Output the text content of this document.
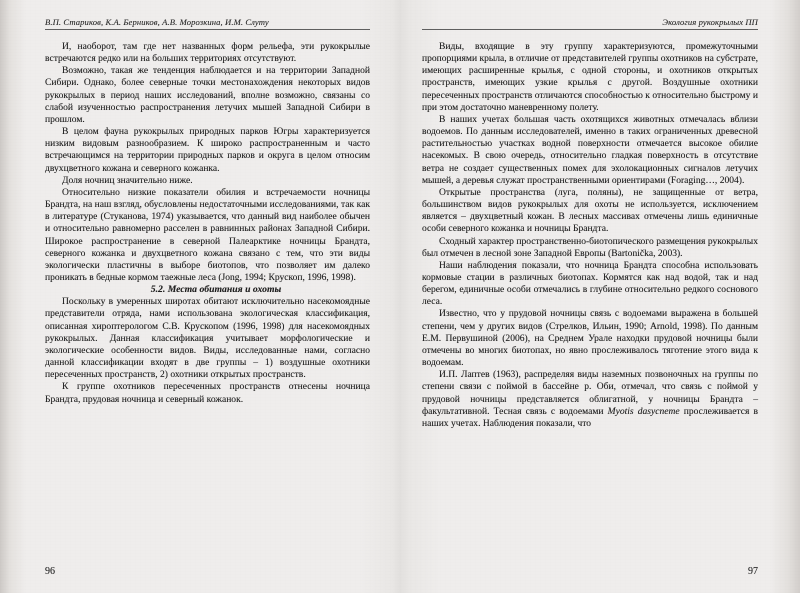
В.П. Стариков, К.А. Берников, А.В. Морозкина, И.М. Слуту

И, наоборот, там где нет названных форм рельефа, эти рукокрылые встречаются редко или на больших территориях отсутствуют.

Возможно, такая же тенденция наблюдается и на территории Западной Сибири. Однако, более северные точки местонахождения некоторых видов рукокрылых в период наших исследований, вполне возможно, связаны со слабой изученностью распространения летучих мышей Западной Сибири в прошлом.

В целом фауна рукокрылых природных парков Югры характеризуется низким видовым разнообразием. К широко распространенным и часто встречающимся на территории природных парков и округа в целом относим двухцветного кожана и северного кожанка.

Доля ночниц значительно ниже.

Относительно низкие показатели обилия и встречаемости ночницы Брандта, на наш взгляд, обусловлены недостаточными исследованиями, так как в литературе (Стуканова, 1974) указывается, что данный вид наиболее обычен и относительно равномерно расселен в равнинных районах Западной Сибири. Широкое распространение в северной Палеарктике ночницы Брандта, северного кожанка и двухцветного кожана связано с тем, что эти виды экологически пластичны в выборе биотопов, что позволяет им далеко проникать в бедные кормом таежные леса (Jong, 1994; Крускоп, 1996, 1998).

5.2. Места обитания и охоты

Поскольку в умеренных широтах обитают исключительно насекомоядные представители отряда, нами использована экологическая классификация, описанная хироптерологом С.В. Крускопом (1996, 1998) для насекомоядных рукокрылых. Данная классификация учитывает морфологические и экологические особенности видов. Виды, исследованные нами, согласно данной классификации входят в две группы – 1) воздушные охотники пересеченных пространств, 2) охотники открытых пространств.

К группе охотников пересеченных пространств отнесены ночница Брандта, прудовая ночница и северный кожанок.

96
Экология рукокрылых ПП

Виды, входящие в эту группу характеризуются, промежуточными пропорциями крыла, в отличие от представителей группы охотников на субстрате, имеющих расширенные крылья, с одной стороны, и охотников открытых пространств, имеющих узкие крылья с другой. Воздушные охотники пересеченных пространств отличаются способностью к относительно быстрому и при этом достаточно маневренному полету.

В наших учетах большая часть охотящихся животных отмечалась вблизи водоемов. По данным исследователей, именно в таких ограниченных древесной растительностью участках водной поверхности отмечается высокое обилие насекомых. В свою очередь, относительно гладкая поверхность в отсутствие ветра не создает существенных помех для эхолокационных сигналов летучих мышей, а деревья служат пространственными ориентирами (Foraging…, 2004).

Открытые пространства (луга, поляны), не защищенные от ветра, большинством видов рукокрылых для охоты не используется, исключением является – двухцветный кожан. В лесных массивах отмечены лишь единичные особи северного кожанка и ночницы Брандта.

Сходный характер пространственно-биотопического размещения рукокрылых был отмечен в лесной зоне Западной Европы (Bartonička, 2003).

Наши наблюдения показали, что ночница Брандта способна использовать кормовые стации в различных биотопах. Кормятся как над водой, так и над берегом, единичные особи отмечались в глубине относительно редкого соснового леса.

Известно, что у прудовой ночницы связь с водоемами выражена в большей степени, чем у других видов (Стрелков, Ильин, 1990; Arnold, 1998). По данным Е.М. Первушиной (2006), на Среднем Урале находки прудовой ночницы были отмечены во многих биотопах, но явно прослеживалось тяготение этого вида к водоемам.

И.П. Лаптев (1963), распределяя виды наземных позвоночных на группы по степени связи с поймой в бассейне р. Оби, отмечал, что связь с поймой у прудовой ночницы представляется облигатной, у ночницы Брандта – факультативной. Тесная связь с водоемами Myotis dasycneme прослеживается в наших учетах. Наблюдения показали, что

97
